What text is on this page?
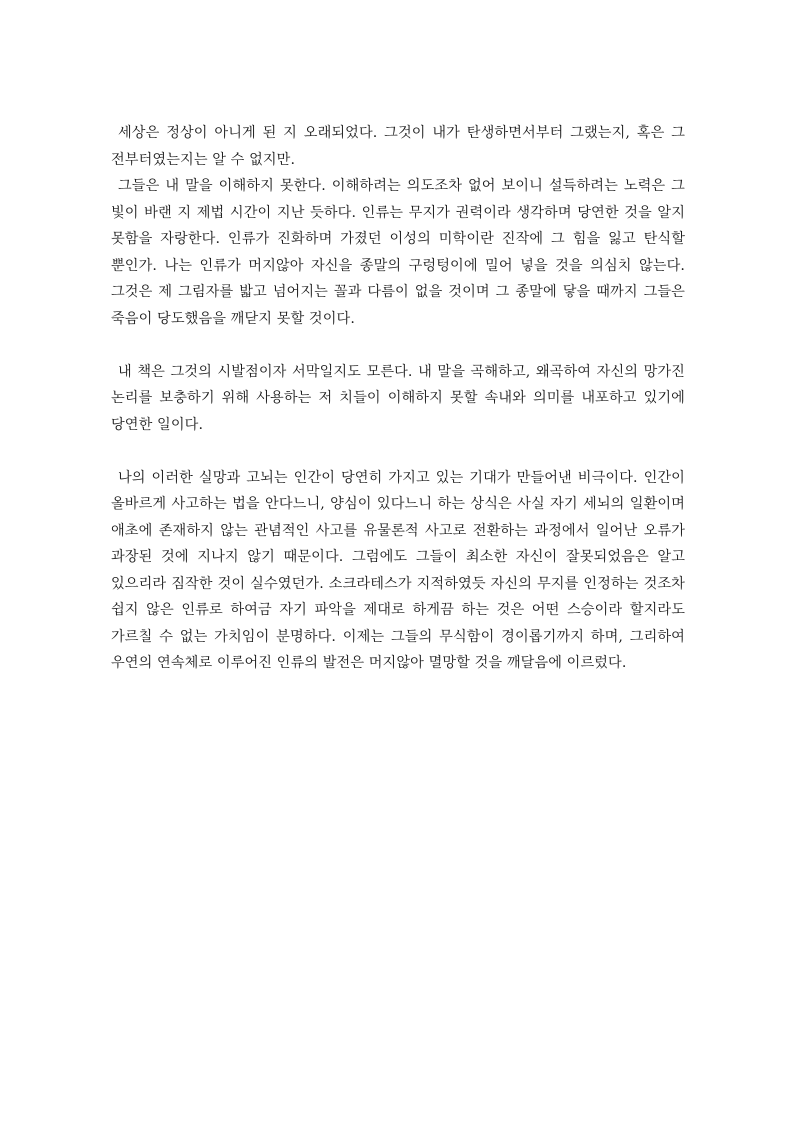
세상은 정상이 아니게 된 지 오래되었다. 그것이 내가 탄생하면서부터 그랬는지, 혹은 그 전부터였는지는 알 수 없지만.

그들은 내 말을 이해하지 못한다. 이해하려는 의도조차 없어 보이니 설득하려는 노력은 그 빛이 바랜 지 제법 시간이 지난 듯하다. 인류는 무지가 권력이라 생각하며 당연한 것을 알지 못함을 자랑한다. 인류가 진화하며 가졌던 이성의 미학이란 진작에 그 힘을 잃고 탄식할 뿐인가. 나는 인류가 머지않아 자신을 종말의 구렁텅이에 밀어 넣을 것을 의심치 않는다. 그것은 제 그림자를 밟고 넘어지는 꼴과 다름이 없을 것이며 그 종말에 닿을 때까지 그들은 죽음이 당도했음을 깨닫지 못할 것이다.

내 책은 그것의 시발점이자 서막일지도 모른다. 내 말을 곡해하고, 왜곡하여 자신의 망가진 논리를 보충하기 위해 사용하는 저 치들이 이해하지 못할 속내와 의미를 내포하고 있기에 당연한 일이다.

나의 이러한 실망과 고뇌는 인간이 당연히 가지고 있는 기대가 만들어낸 비극이다. 인간이 올바르게 사고하는 법을 안다느니, 양심이 있다느니 하는 상식은 사실 자기 세뇌의 일환이며 애초에 존재하지 않는 관념적인 사고를 유물론적 사고로 전환하는 과정에서 일어난 오류가 과장된 것에 지나지 않기 때문이다. 그럼에도 그들이 최소한 자신이 잘못되었음은 알고 있으리라 짐작한 것이 실수였던가. 소크라테스가 지적하였듯 자신의 무지를 인정하는 것조차 쉽지 않은 인류로 하여금 자기 파악을 제대로 하게끔 하는 것은 어떤 스승이라 할지라도 가르칠 수 없는 가치임이 분명하다. 이제는 그들의 무식함이 경이롭기까지 하며, 그리하여 우연의 연속체로 이루어진 인류의 발전은 머지않아 멸망할 것을 깨달음에 이르렀다.
